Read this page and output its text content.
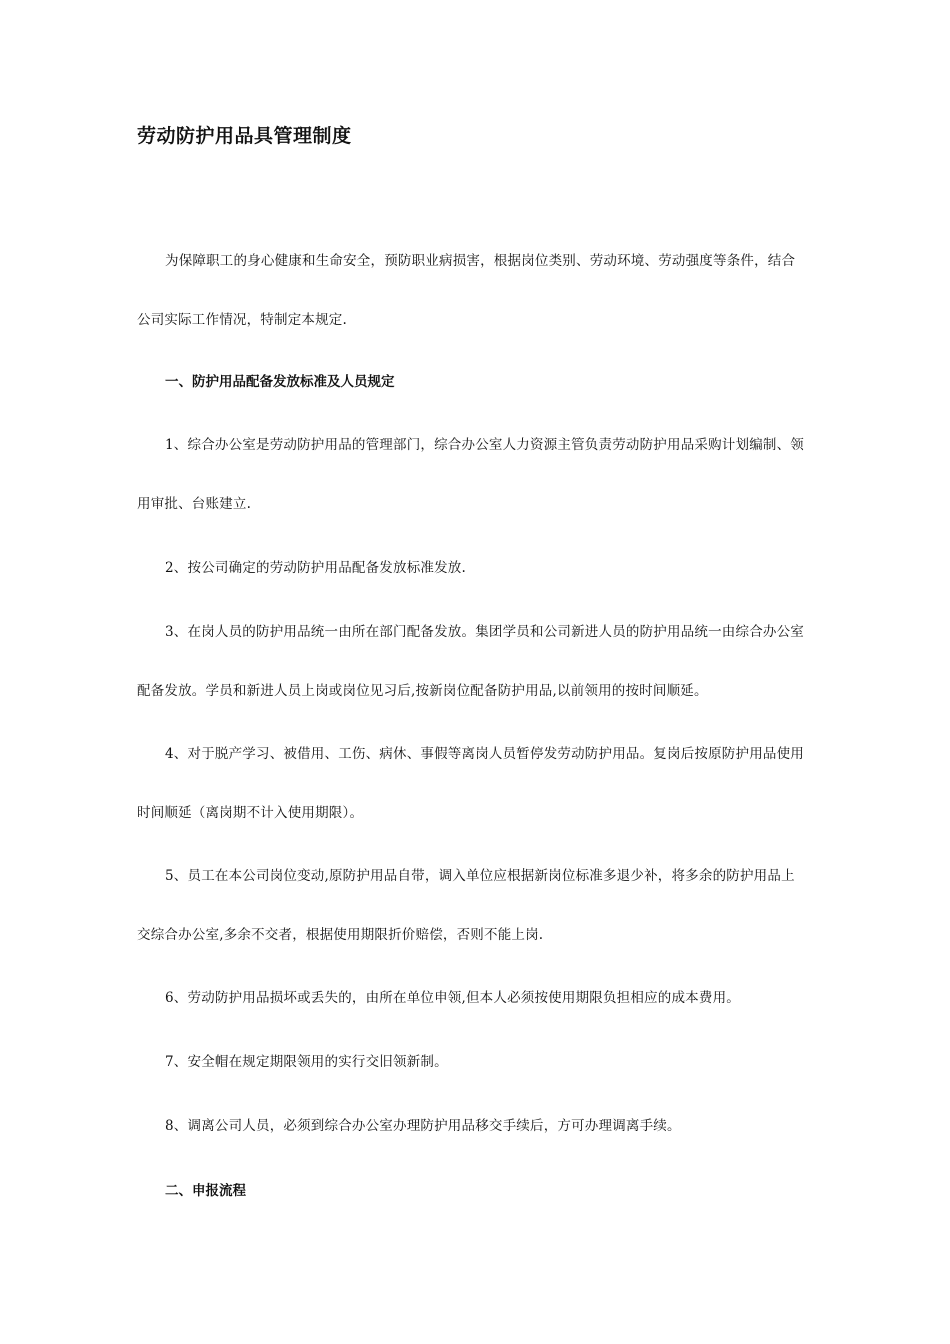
劳动防护用品具管理制度
为保障职工的身心健康和生命安全，预防职业病损害，根据岗位类别、劳动环境、劳动强度等条件，结合
公司实际工作情况，特制定本规定.
一、防护用品配备发放标准及人员规定
1、综合办公室是劳动防护用品的管理部门，综合办公室人力资源主管负责劳动防护用品采购计划编制、领
用审批、台账建立.
2、按公司确定的劳动防护用品配备发放标准发放.
3、在岗人员的防护用品统一由所在部门配备发放。集团学员和公司新进人员的防护用品统一由综合办公室
配备发放。学员和新进人员上岗或岗位见习后,按新岗位配备防护用品,以前领用的按时间顺延。
4、对于脱产学习、被借用、工伤、病休、事假等离岗人员暂停发劳动防护用品。复岗后按原防护用品使用
时间顺延（离岗期不计入使用期限）。
5、员工在本公司岗位变动,原防护用品自带，调入单位应根据新岗位标准多退少补，将多余的防护用品上
交综合办公室,多余不交者，根据使用期限折价赔偿，否则不能上岗.
6、劳动防护用品损坏或丢失的，由所在单位申领,但本人必须按使用期限负担相应的成本费用。
7、安全帽在规定期限领用的实行交旧领新制。
8、调离公司人员，必须到综合办公室办理防护用品移交手续后，方可办理调离手续。
二、申报流程
